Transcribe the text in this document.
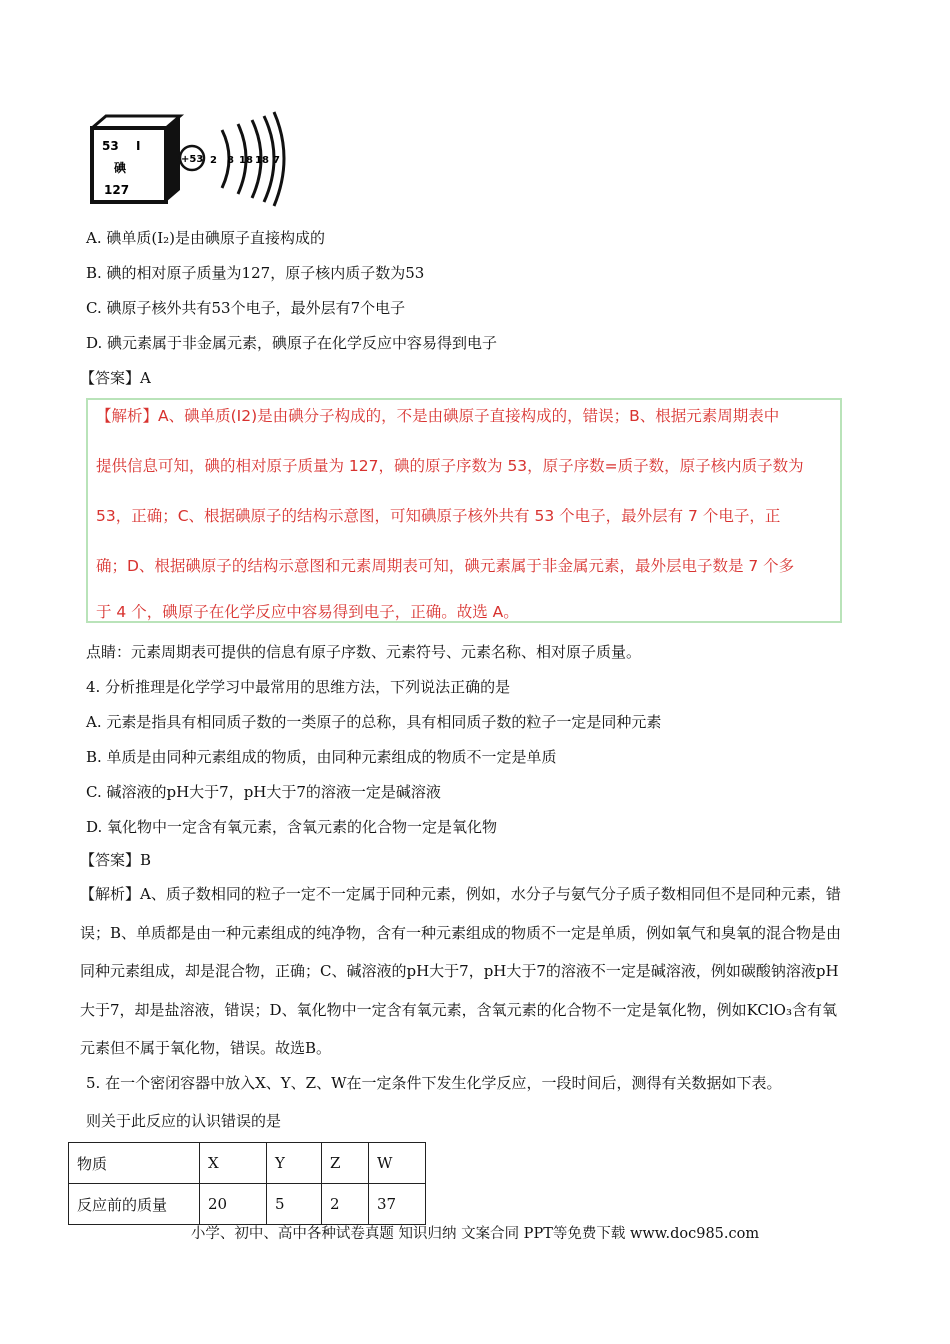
53 I
碘
127
+53 2 8 18 18 7
A. 碘单质(I₂)是由碘原子直接构成的
B. 碘的相对原子质量为127，原子核内质子数为53
C. 碘原子核外共有53个电子，最外层有7个电子
D. 碘元素属于非金属元素，碘原子在化学反应中容易得到电子
【答案】A
【解析】A、碘单质(I2)是由碘分子构成的，不是由碘原子直接构成的，错误；B、根据元素周期表中
提供信息可知，碘的相对原子质量为 127，碘的原子序数为 53，原子序数=质子数，原子核内质子数为
53，正确；C、根据碘原子的结构示意图，可知碘原子核外共有 53 个电子，最外层有 7 个电子，正
确；D、根据碘原子的结构示意图和元素周期表可知，碘元素属于非金属元素，最外层电子数是 7 个多
于 4 个，碘原子在化学反应中容易得到电子，正确。故选 A。
点睛：元素周期表可提供的信息有原子序数、元素符号、元素名称、相对原子质量。
4. 分析推理是化学学习中最常用的思维方法，下列说法正确的是
A. 元素是指具有相同质子数的一类原子的总称，具有相同质子数的粒子一定是同种元素
B. 单质是由同种元素组成的物质，由同种元素组成的物质不一定是单质
C. 碱溶液的pH大于7，pH大于7的溶液一定是碱溶液
D. 氧化物中一定含有氧元素，含氧元素的化合物一定是氧化物
【答案】B
【解析】A、质子数相同的粒子一定不一定属于同种元素，例如，水分子与氨气分子质子数相同但不是同种元素，错误；B、单质都是由一种元素组成的纯净物，含有一种元素组成的物质不一定是单质，例如氧气和臭氧的混合物是由同种元素组成，却是混合物，正确；C、碱溶液的pH大于7，pH大于7的溶液不一定是碱溶液，例如碳酸钠溶液pH大于7，却是盐溶液，错误；D、氧化物中一定含有氧元素，含氧元素的化合物不一定是氧化物，例如KClO₃含有氧元素但不属于氧化物，错误。故选B。
5. 在一个密闭容器中放入X、Y、Z、W在一定条件下发生化学反应，一段时间后，测得有关数据如下表。
则关于此反应的认识错误的是
物质	X	Y	Z	W
反应前的质量	20	5	2	37
小学、初中、高中各种试卷真题 知识归纳 文案合同 PPT等免费下载 www.doc985.com
